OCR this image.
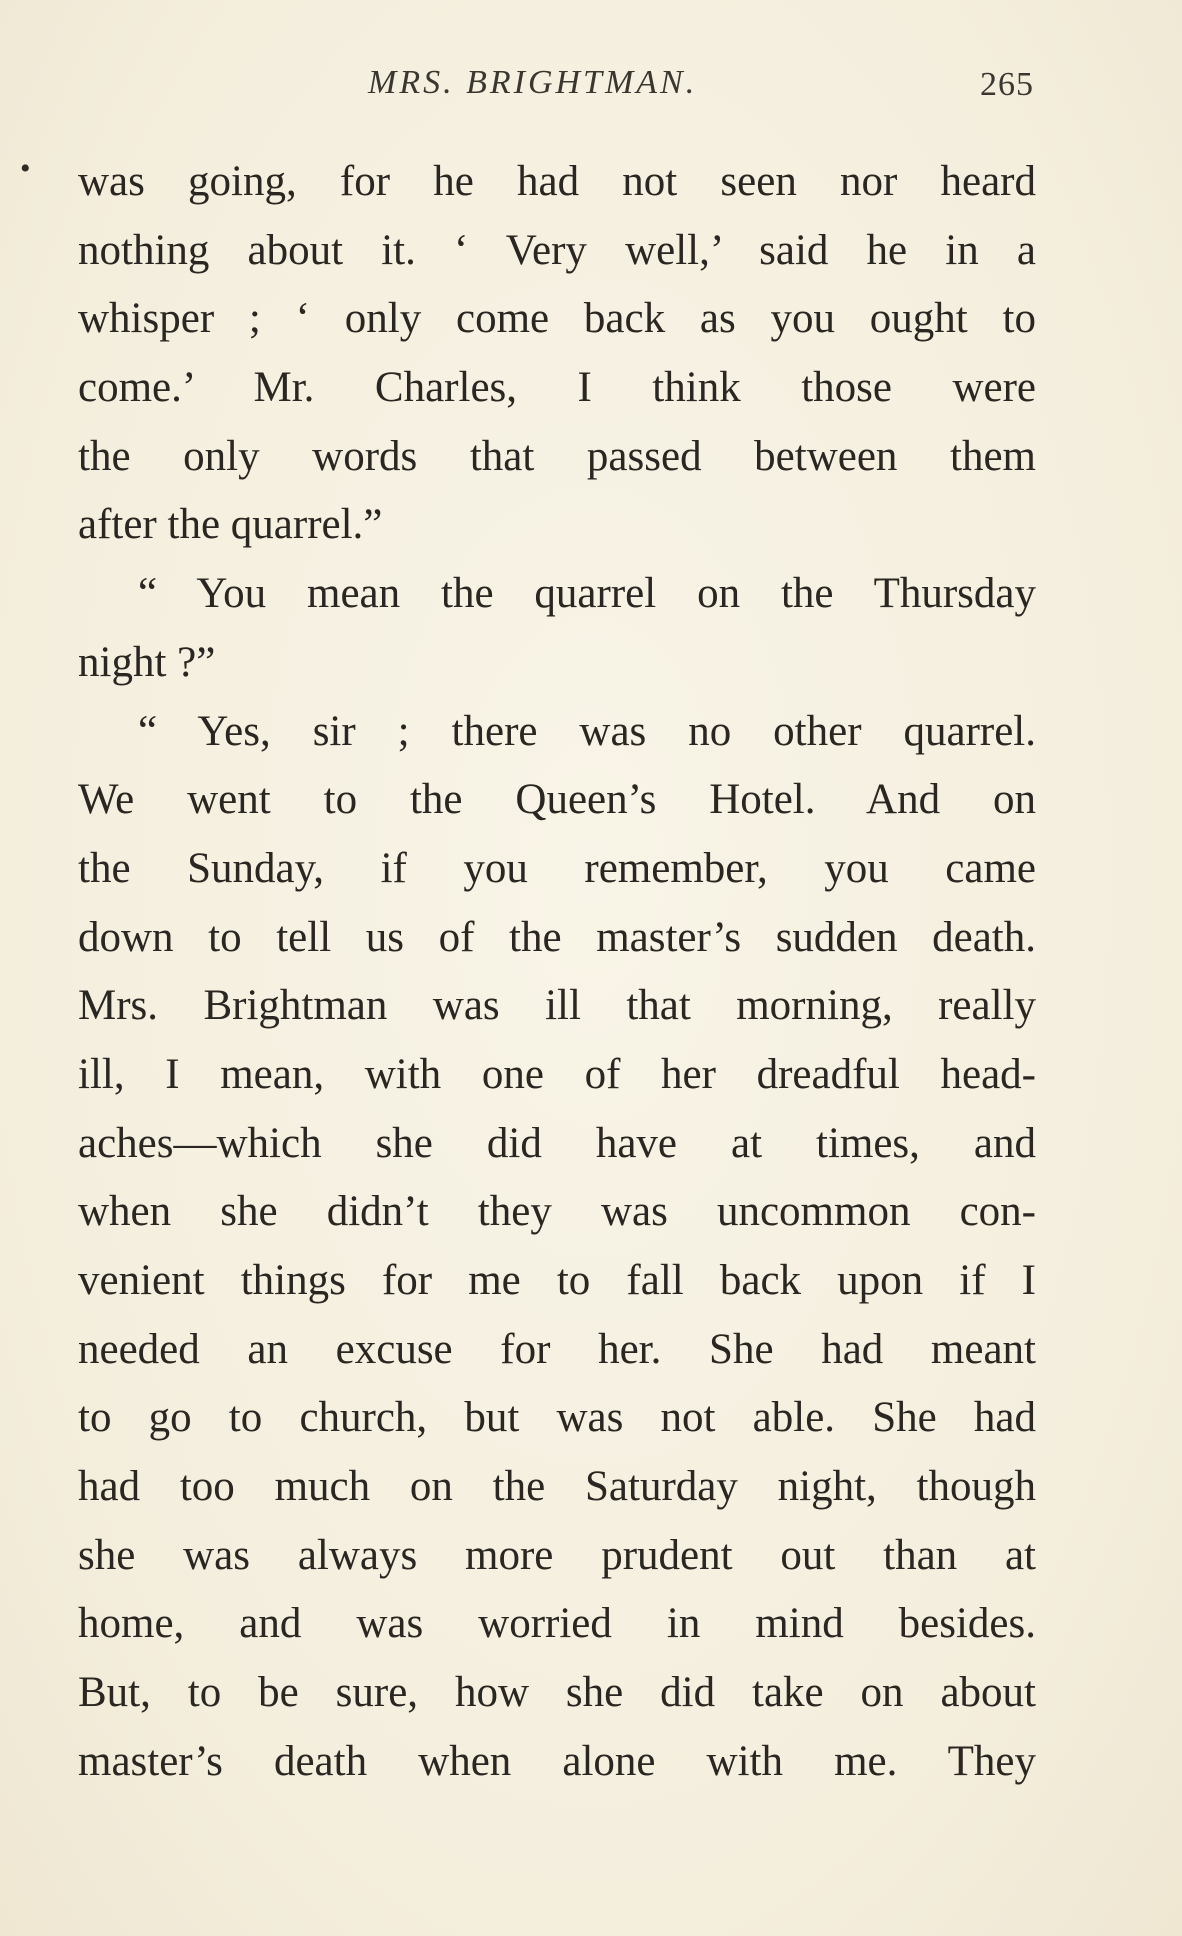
MRS. BRIGHTMAN.	265
• was going, for he had not seen nor heard
nothing about it. ‘ Very well,’ said he in a
whisper ; ‘ only come back as you ought to
come.’ Mr. Charles, I think those were
the only words that passed between them
after the quarrel.”
“ You mean the quarrel on the Thursday
night ?”
“ Yes, sir ; there was no other quarrel.
We went to the Queen’s Hotel. And on
the Sunday, if you remember, you came
down to tell us of the master’s sudden death.
Mrs. Brightman was ill that morning, really
ill, I mean, with one of her dreadful head-
aches—which she did have at times, and
when she didn’t they was uncommon con-
venient things for me to fall back upon if I
needed an excuse for her. She had meant
to go to church, but was not able. She had
had too much on the Saturday night, though
she was always more prudent out than at
home, and was worried in mind besides.
But, to be sure, how she did take on about
master’s death when alone with me. They
